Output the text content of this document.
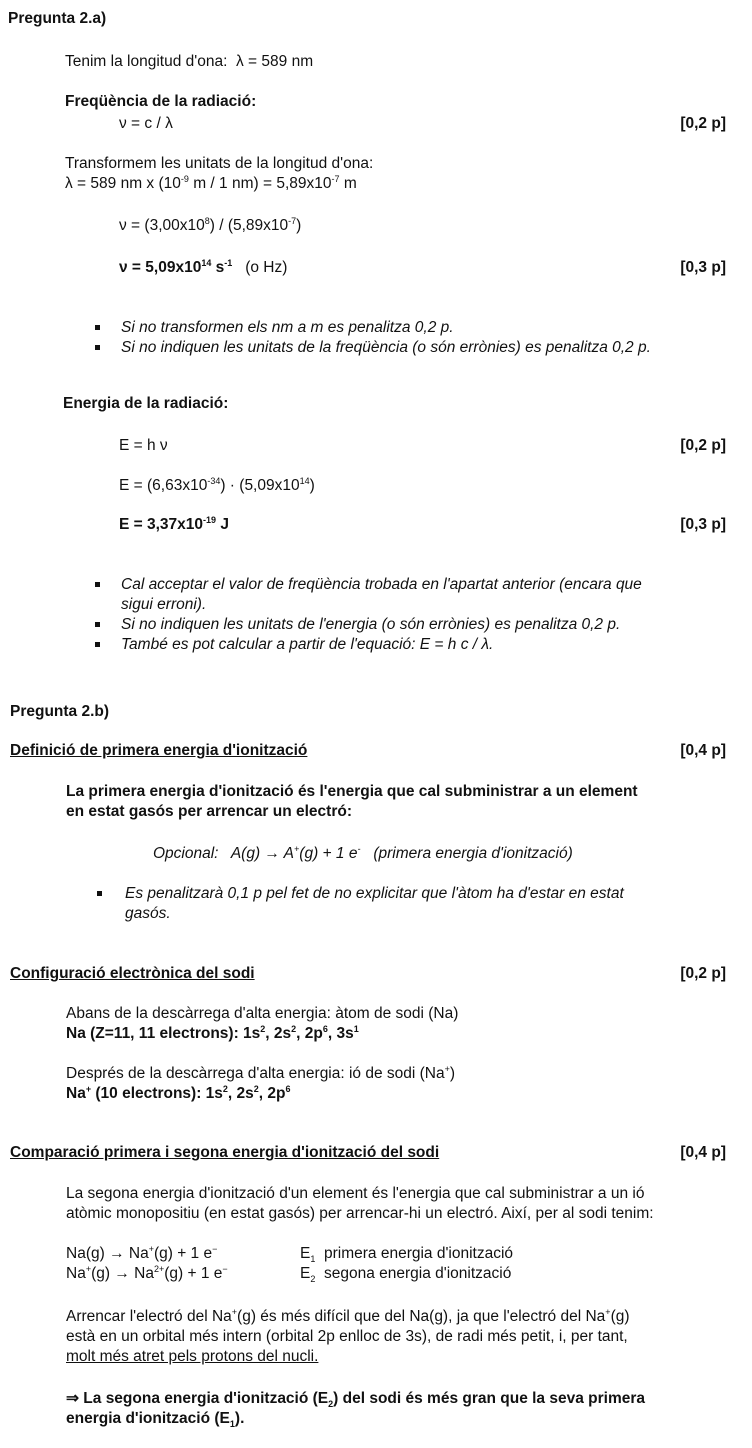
Pregunta 2.a)
Tenim la longitud d'ona: λ = 589 nm
Freqüència de la radiació:
ν = c / λ	[0,2 p]
Transformem les unitats de la longitud d'ona:
λ = 589 nm x ($10^{-9}$ m / 1 $nm) = 5,89x10^{-7}$ m
$\nu = (3,00x10^8) / (5,89x10^{-7})$
$\nu = 5,09x10^{14}$ $s^{-1}$ (o Hz)	[0,3 p]
Si no transformen els nm a m es penalitza 0,2 p.
Si no indiquen les unitats de la freqüència (o són errònies) es penalitza 0,2 p.
Energia de la radiació:
E = h ν	[0,2 p]
$E = (6,63x10^{-34}) \cdot (5,09x10^{14})$
$E = 3,37x10^{-19}$ J	[0,3 p]
Cal acceptar el valor de freqüència trobada en l'apartat anterior (encara que
sigui erroni).
Si no indiquen les unitats de l'energia (o són errònies) es penalitza 0,2 p.
També es pot calcular a partir de l'equació: E = h c / λ.
Pregunta 2.b)
Definició de primera energia d'ionització	[0,4 p]
La primera energia d'ionització és l'energia que cal subministrar a un element
en estat gasós per arrencar un electró:
Opcional: A(g) → A+(g) + 1 e- (primera energia d'ionització)
Es penalitzarà 0,1 p pel fet de no explicitar que l'àtom ha d'estar en estat
gasós.
Configuració electrònica del sodi	[0,2 p]
Abans de la descàrrega d'alta energia: àtom de sodi (Na)
Na (Z=11, 11 electrons): $1s^2$, $2s^2$, $2p^6$, $3s^1$
Després de la descàrrega d'alta energia: ió de sodi (Na+)
Na+ (10 electrons): $1s^2$, $2s^2$, $2p^6$
Comparació primera i segona energia d'ionització del sodi	[0,4 p]
La segona energia d'ionització d'un element és l'energia que cal subministrar a un ió
atòmic monopositiu (en estat gasós) per arrencar-hi un electró. Així, per al sodi tenim:
Na(g) → Na+(g) + 1 e−	$E_1$ primera energia d'ionització
$Na^+(g) \to Na^{2+}(g) + 1$ e−	$E_2$ segona energia d'ionització
Arrencar l'electró del Na+(g) és més difícil que del Na(g), ja que l'electró del Na+(g)
està en un orbital més intern (orbital 2p enlloc de 3s), de radi més petit, i, per tant,
molt més atret pels protons del nucli.
⇒ La segona energia d'ionització $(E_2)$ del sodi és més gran que la seva primera
energia d'ionització $(E_1)$.
